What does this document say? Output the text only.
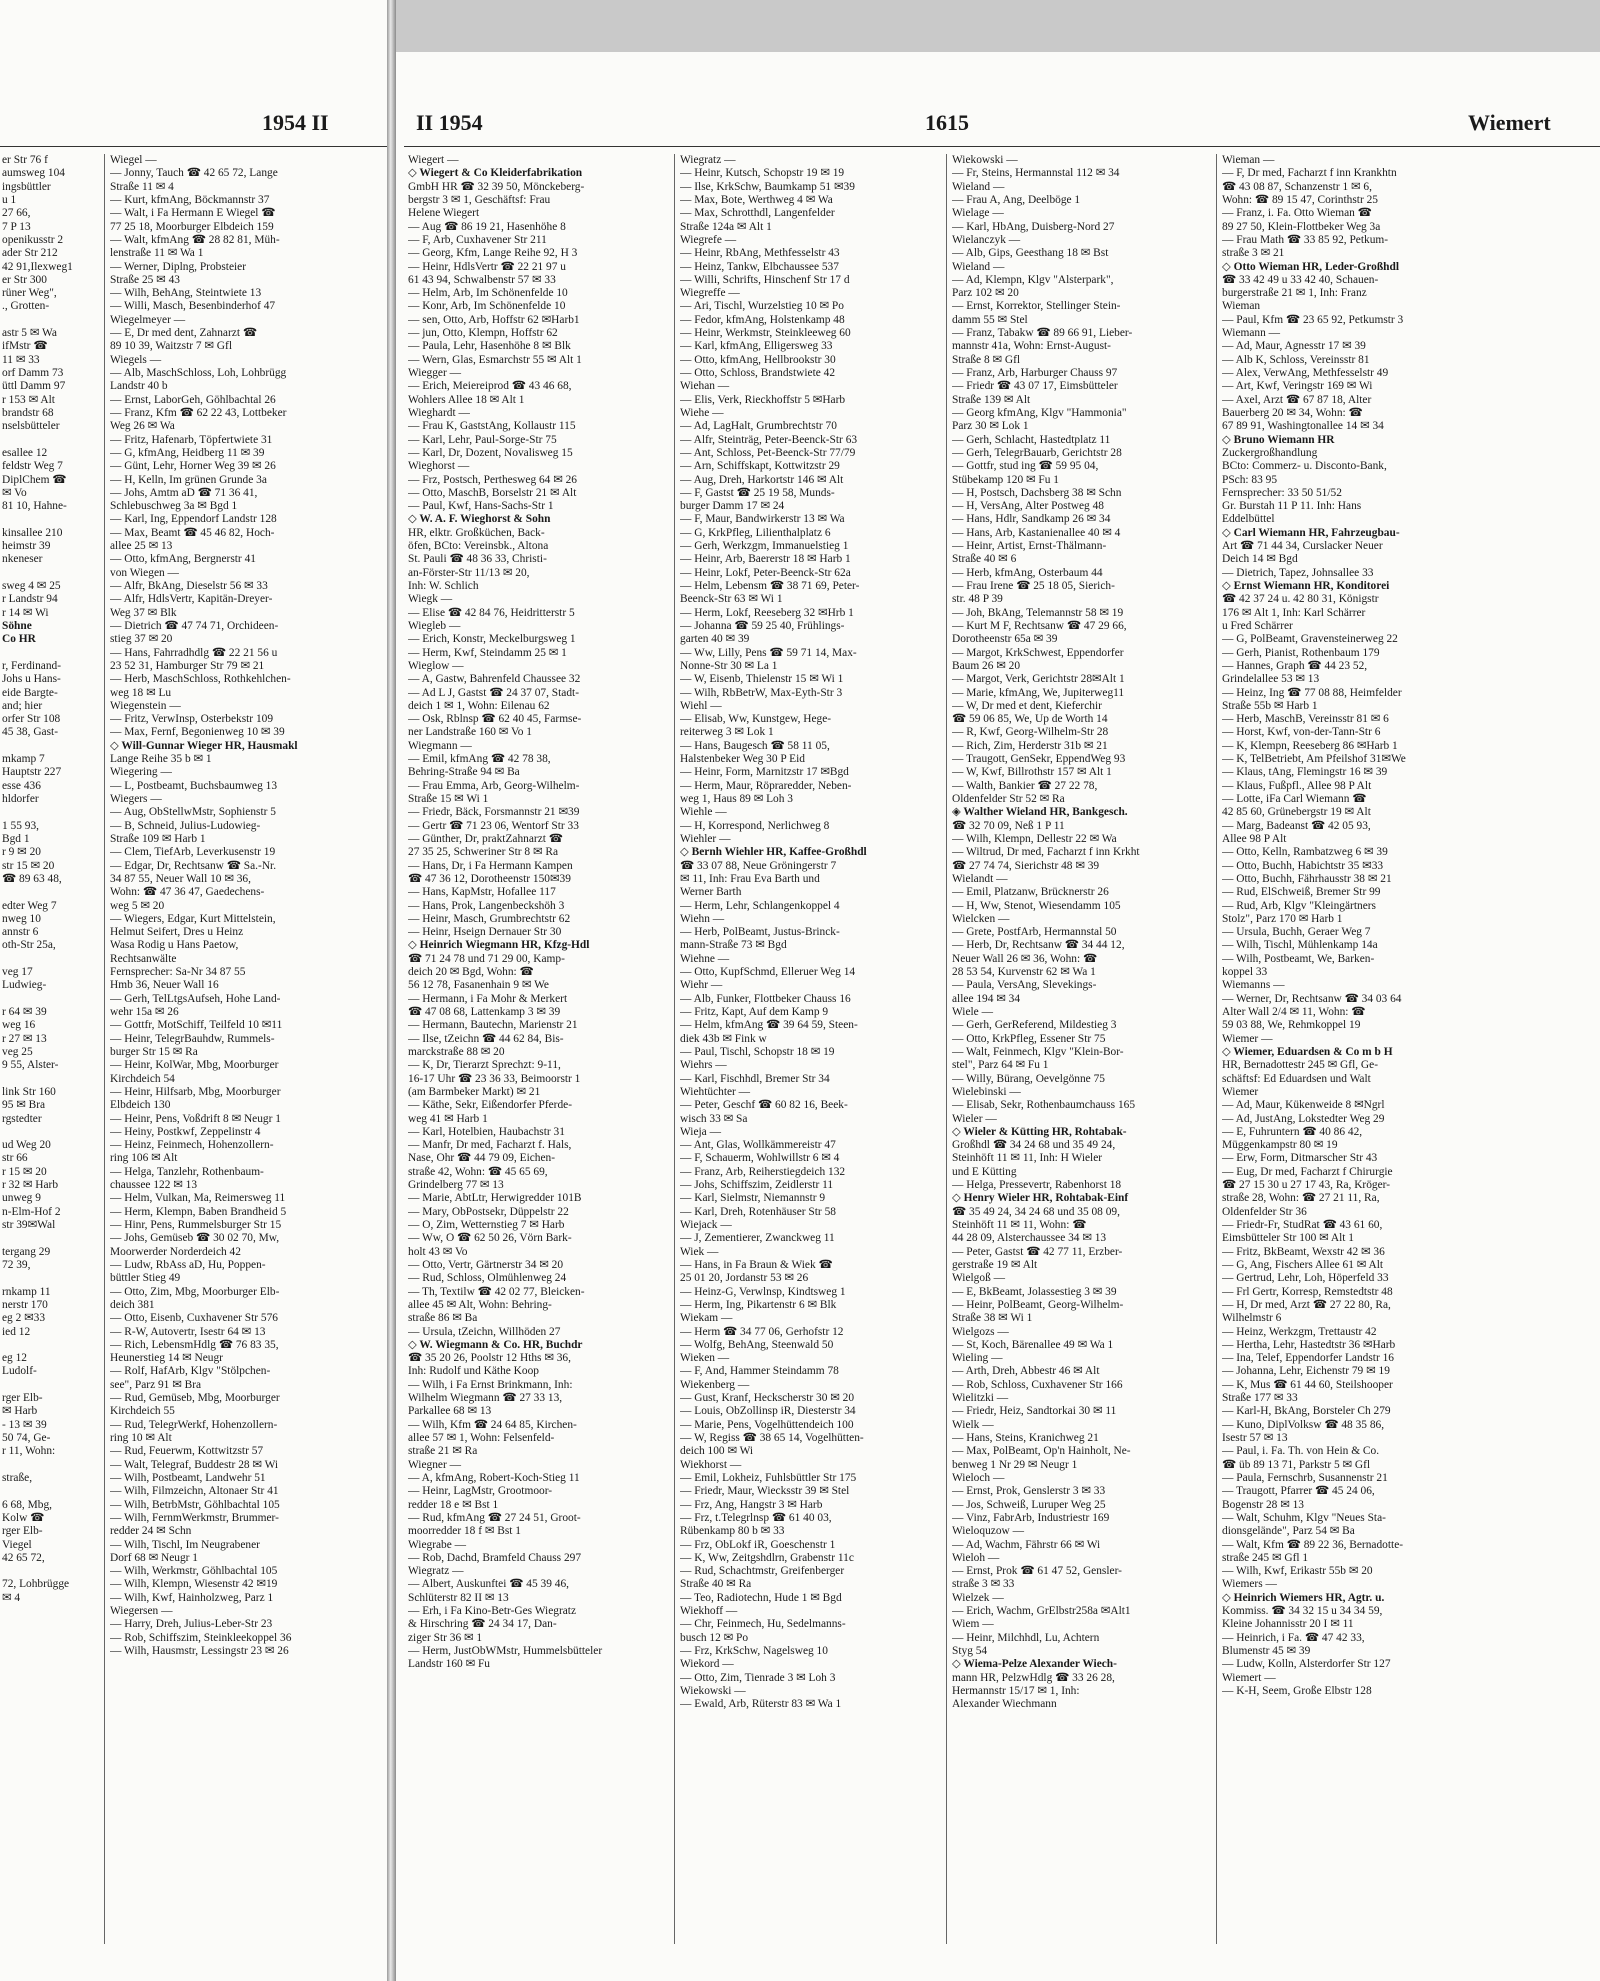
1954 II	II 1954	1615	Wiemert
er Str 76 f
aumsweg 104
ingsbüttler
u 1
27 66,
7 P 13
openikusstr 2
ader Str 212
42 91,Ilexweg1
er Str 300
rüner Weg",
., Grotten-

astr 5 ✉ Wa
ifMstr ☎
11 ✉ 33
orf Damm 73
üttl Damm 97
r 153 ✉ Alt
brandstr 68
nselsbütteler

esallee 12
feldstr Weg 7
DiplChem ☎
✉ Vo
81 10, Hahne-

kinsallee 210
heimstr 39
nkeneser

sweg 4 ✉ 25
r Landstr 94
r 14 ✉ Wi
Söhne
Co HR

r, Ferdinand-
Johs u Hans-
eide Bargte-
and; hier
orfer Str 108
45 38, Gast-

mkamp 7
Hauptstr 227
esse 436
hldorfer

1 55 93,
Bgd 1
r 9 ✉ 20
str 15 ✉ 20
☎ 89 63 48,

edter Weg 7
nweg 10
annstr 6
oth-Str 25a,

veg 17
Ludwieg-

r 64 ✉ 39
weg 16
r 27 ✉ 13
veg 25
9 55, Alster-

link Str 160
95 ✉ Bra
rgstedter

ud Weg 20
str 66
r 15 ✉ 20
r 32 ✉ Harb
unweg 9
n-Elm-Hof 2
str 39✉Wal

tergang 29
72 39,

rnkamp 11
nerstr 170
eg 2 ✉33
ied 12

eg 12
Ludolf-

rger Elb-
✉ Harb
- 13 ✉ 39
50 74, Ge-
r 11, Wohn:

straße,

6 68, Mbg,
Kolw ☎
rger Elb-
Viegel
42 65 72,

72, Lohbrügge
✉ 4
Wiegel —
— Jonny, Tauch ☎ 42 65 72, Lange
Straße 11 ✉ 4
— Kurt, kfmAng, Böckmannstr 37
— Walt, i Fa Hermann E Wiegel ☎
77 25 18, Moorburger Elbdeich 159
— Walt, kfmAng ☎ 28 82 81, Müh-
lenstraße 11 ✉ Wa 1
— Werner, Diplng, Probsteier
Straße 25 ✉ 43
— Wilh, BehAng, Steintwiete 13
— Willi, Masch, Besenbinderhof 47
Wiegelmeyer —
— E, Dr med dent, Zahnarzt ☎
89 10 39, Waitzstr 7 ✉ Gfl
Wiegels —
— Alb, MaschSchloss, Loh, Lohbrügg
Landstr 40 b
— Ernst, LaborGeh, Göhlbachtal 26
— Franz, Kfm ☎ 62 22 43, Lottbeker
Weg 26 ✉ Wa
— Fritz, Hafenarb, Töpfertwiete 31
— G, kfmAng, Heidberg 11 ✉ 39
— Günt, Lehr, Horner Weg 39 ✉ 26
— H, Kelln, Im grünen Grunde 3a
— Johs, Amtm aD ☎ 71 36 41,
Schlebuschweg 3a ✉ Bgd 1
— Karl, Ing, Eppendorf Landstr 128
— Max, Beamt ☎ 45 46 82, Hoch-
allee 25 ✉ 13
— Otto, kfmAng, Bergnerstr 41
von Wiegen —
— Alfr, BkAng, Dieselstr 56 ✉ 33
— Alfr, HdlsVertr, Kapitän-Dreyer-
Weg 37 ✉ Blk
— Dietrich ☎ 47 74 71, Orchideen-
stieg 37 ✉ 20
— Hans, Fahrradhdlg ☎ 22 21 56 u
23 52 31, Hamburger Str 79 ✉ 21
— Herb, MaschSchloss, Rothkehlchen-
weg 18 ✉ Lu
Wiegenstein —
— Fritz, VerwInsp, Osterbekstr 109
— Max, Fernf, Begonienweg 10 ✉ 39
◇ Will-Gunnar Wieger HR, Hausmakl
Lange Reihe 35 b ✉ 1
Wiegering —
— L, Postbeamt, Buchsbaumweg 13
Wiegers —
— Aug, ObStellwMstr, Sophienstr 5
— B, Schneid, Julius-Ludowieg-
Straße 109 ✉ Harb 1
— Clem, TiefArb, Leverkusenstr 19
— Edgar, Dr, Rechtsanw ☎ Sa.-Nr.
34 87 55, Neuer Wall 10 ✉ 36,
Wohn: ☎ 47 36 47, Gaedechens-
weg 5 ✉ 20
— Wiegers, Edgar, Kurt Mittelstein,
Helmut Seifert, Dres u Heinz
Wasa Rodig u Hans Paetow,
Rechtsanwälte
Fernsprecher: Sa-Nr 34 87 55
Hmb 36, Neuer Wall 16
— Gerh, TelLtgsAufseh, Hohe Land-
wehr 15a ✉ 26
— Gottfr, MotSchiff, Teilfeld 10 ✉11
— Heinr, TelegrBauhdw, Rummels-
burger Str 15 ✉ Ra
— Heinr, KolWar, Mbg, Moorburger
Kirchdeich 54
— Heinr, Hilfsarb, Mbg, Moorburger
Elbdeich 130
— Heinr, Pens, Voßdrift 8 ✉ Neugr 1
— Heiny, Postkwf, Zeppelinstr 4
— Heinz, Feinmech, Hohenzollern-
ring 106 ✉ Alt
— Helga, Tanzlehr, Rothenbaum-
chaussee 122 ✉ 13
— Helm, Vulkan, Ma, Reimersweg 11
— Herm, Klempn, Baben Brandheid 5
— Hinr, Pens, Rummelsburger Str 15
— Johs, Gemüseb ☎ 30 02 70, Mw,
Moorwerder Norderdeich 42
— Ludw, RbAss aD, Hu, Poppen-
büttler Stieg 49
— Otto, Zim, Mbg, Moorburger Elb-
deich 381
— Otto, Eisenb, Cuxhavener Str 576
— R-W, Autovertr, Isestr 64 ✉ 13
— Rich, LebensmHdlg ☎ 76 83 35,
Heunerstieg 14 ✉ Neugr
— Rolf, HafArb, Klgv "Stölpchen-
see", Parz 91 ✉ Bra
— Rud, Gemüseb, Mbg, Moorburger
Kirchdeich 55
— Rud, TelegrWerkf, Hohenzollern-
ring 10 ✉ Alt
— Rud, Feuerwm, Kottwitzstr 57
— Walt, Telegraf, Buddestr 28 ✉ Wi
— Wilh, Postbeamt, Landwehr 51
— Wilh, Filmzeichn, Altonaer Str 41
— Wilh, BetrbMstr, Göhlbachtal 105
— Wilh, FernmWerkmstr, Brummer-
redder 24 ✉ Schn
— Wilh, Tischl, Im Neugrabener
Dorf 68 ✉ Neugr 1
— Wilh, Werkmstr, Göhlbachtal 105
— Wilh, Klempn, Wiesenstr 42 ✉19
— Wilh, Kwf, Hainholzweg, Parz 1
Wiegersen —
— Harry, Dreh, Julius-Leber-Str 23
— Rob, Schiffszim, Steinkleekoppel 36
— Wilh, Hausmstr, Lessingstr 23 ✉ 26
Wiegert —
◇ Wiegert & Co Kleiderfabrikation
GmbH HR ☎ 32 39 50, Mönckeberg-
bergstr 3 ✉ 1, Geschäftsf: Frau
Helene Wiegert
— Aug ☎ 86 19 21, Hasenhöhe 8
— F, Arb, Cuxhavener Str 211
— Georg, Kfm, Lange Reihe 92, H 3
— Heinr, HdlsVertr ☎ 22 21 97 u
61 43 94, Schwalbenstr 57 ✉ 33
— Helm, Arb, Im Schönenfelde 10
— Konr, Arb, Im Schönenfelde 10
— sen, Otto, Arb, Hoffstr 62 ✉Harb1
— jun, Otto, Klempn, Hoffstr 62
— Paula, Lehr, Hasenhöhe 8 ✉ Blk
— Wern, Glas, Esmarchstr 55 ✉ Alt 1
Wiegger —
— Erich, Meiereiprod ☎ 43 46 68,
Wohlers Allee 18 ✉ Alt 1
Wieghardt —
— Frau K, GaststAng, Kollaustr 115
— Karl, Lehr, Paul-Sorge-Str 75
— Karl, Dr, Dozent, Novalisweg 15
Wieghorst —
— Frz, Postsch, Perthesweg 64 ✉ 26
— Otto, MaschB, Borselstr 21 ✉ Alt
— Paul, Kwf, Hans-Sachs-Str 1
◇ W. A. F. Wieghorst & Sohn
HR, elktr. Großküchen, Back-
öfen, BCto: Vereinsbk., Altona
St. Pauli ☎ 48 36 33, Christi-
an-Förster-Str 11/13 ✉ 20,
Inh: W. Schlich
Wiegk —
— Elise ☎ 42 84 76, Heidritterstr 5
Wiegleb —
— Erich, Konstr, Meckelburgsweg 1
— Herm, Kwf, Steindamm 25 ✉ 1
Wieglow —
— A, Gastw, Bahrenfeld Chaussee 32
— Ad L J, Gastst ☎ 24 37 07, Stadt-
deich 1 ✉ 1, Wohn: Eilenau 62
— Osk, Rblnsp ☎ 62 40 45, Farmse-
ner Landstraße 160 ✉ Vo 1
Wiegmann —
— Emil, kfmAng ☎ 42 78 38,
Behring-Straße 94 ✉ Ba
— Frau Emma, Arb, Georg-Wilhelm-
Straße 15 ✉ Wi 1
— Friedr, Bäck, Forsmannstr 21 ✉39
— Gertr ☎ 71 23 06, Wentorf Str 33
— Günther, Dr, praktZahnarzt ☎
27 35 25, Schweriner Str 8 ✉ Ra
— Hans, Dr, i Fa Hermann Kampen
☎ 47 36 12, Dorotheenstr 150✉39
— Hans, KapMstr, Hofallee 117
— Hans, Prok, Langenbeckshöh 3
— Heinr, Masch, Grumbrechtstr 62
— Heinr, Hseign Dernauer Str 30
◇ Heinrich Wiegmann HR, Kfzg-Hdl
☎ 71 24 78 und 71 29 00, Kamp-
deich 20 ✉ Bgd, Wohn: ☎
56 12 78, Fasanenhain 9 ✉ We
— Hermann, i Fa Mohr & Merkert
☎ 47 08 68, Lattenkamp 3 ✉ 39
— Hermann, Bautechn, Marienstr 21
— Ilse, tZeichn ☎ 44 62 84, Bis-
marckstraße 88 ✉ 20
— K, Dr, Tierarzt Sprechzt: 9-11,
16-17 Uhr ☎ 23 36 33, Beimoorstr 1
(am Barmbeker Markt) ✉ 21
— Käthe, Sekr, Eißendorfer Pferde-
weg 41 ✉ Harb 1
— Karl, Hotelbien, Haubachstr 31
— Manfr, Dr med, Facharzt f. Hals,
Nase, Ohr ☎ 44 79 09, Eichen-
straße 42, Wohn: ☎ 45 65 69,
Grindelberg 77 ✉ 13
— Marie, AbtLtr, Herwigredder 101B
— Mary, ObPostsekr, Düppelstr 22
— O, Zim, Wetternstieg 7 ✉ Harb
— Ww, O ☎ 62 50 26, Vörn Bark-
holt 43 ✉ Vo
— Otto, Vertr, Gärtnerstr 34 ✉ 20
— Rud, Schloss, Olmühlenweg 24
— Th, Textilw ☎ 42 02 77, Bleicken-
allee 45 ✉ Alt, Wohn: Behring-
straße 86 ✉ Ba
— Ursula, tZeichn, Willhöden 27
◇ W. Wiegmann & Co. HR, Buchdr
☎ 35 20 26, Poolstr 12 Hths ✉ 36,
Inh: Rudolf und Käthe Koop
— Wilh, i Fa Ernst Brinkmann, Inh:
Wilhelm Wiegmann ☎ 27 33 13,
Parkallee 68 ✉ 13
— Wilh, Kfm ☎ 24 64 85, Kirchen-
allee 57 ✉ 1, Wohn: Felsenfeld-
straße 21 ✉ Ra
Wiegner —
— A, kfmAng, Robert-Koch-Stieg 11
— Heinr, LagMstr, Grootmoor-
redder 18 e ✉ Bst 1
— Rud, kfmAng ☎ 27 24 51, Groot-
moorredder 18 f ✉ Bst 1
Wiegrabe —
— Rob, Dachd, Bramfeld Chauss 297
Wiegratz —
— Albert, Auskunftei ☎ 45 39 46,
Schlüterstr 82 II ✉ 13
— Erh, i Fa Kino-Betr-Ges Wiegratz
& Hirschring ☎ 24 34 17, Dan-
ziger Str 36 ✉ 1
— Herm, JustObWMstr, Hummelsbütteler
Landstr 160 ✉ Fu
Wiegratz —
— Heinr, Kutsch, Schopstr 19 ✉ 19
— Ilse, KrkSchw, Baumkamp 51 ✉39
— Max, Bote, Werthweg 4 ✉ Wa
— Max, Schrotthdl, Langenfelder
Straße 124a ✉ Alt 1
Wiegrefe —
— Heinr, RbAng, Methfesselstr 43
— Heinz, Tankw, Elbchaussee 537
— Willi, Schrifts, Hinschenf Str 17 d
Wiegreffe —
— Ari, Tischl, Wurzelstieg 10 ✉ Po
— Fedor, kfmAng, Holstenkamp 48
— Heinr, Werkmstr, Steinkleeweg 60
— Karl, kfmAng, Elligersweg 33
— Otto, kfmAng, Hellbrookstr 30
— Otto, Schloss, Brandstwiete 42
Wiehan —
— Elis, Verk, Rieckhoffstr 5 ✉Harb
Wiehe —
— Ad, LagHalt, Grumbrechtstr 70
— Alfr, Steinträg, Peter-Beenck-Str 63
— Ant, Schloss, Pet-Beenck-Str 77/79
— Arn, Schiffskapt, Kottwitzstr 29
— Aug, Dreh, Harkortstr 146 ✉ Alt
— F, Gastst ☎ 25 19 58, Munds-
burger Damm 17 ✉ 24
— F, Maur, Bandwirkerstr 13 ✉ Wa
— G, KrkPfleg, Lilienthalplatz 6
— Gerh, Werkzgm, Immanuelstieg 1
— Heinr, Arb, Baererstr 18 ✉ Harb 1
— Heinr, Lokf, Peter-Beenck-Str 62a
— Helm, Lebensm ☎ 38 71 69, Peter-
Beenck-Str 63 ✉ Wi 1
— Herm, Lokf, Reeseberg 32 ✉Hrb 1
— Johanna ☎ 59 25 40, Frühlings-
garten 40 ✉ 39
— Ww, Lilly, Pens ☎ 59 71 14, Max-
Nonne-Str 30 ✉ La 1
— W, Eisenb, Thielenstr 15 ✉ Wi 1
— Wilh, RbBetrW, Max-Eyth-Str 3
Wiehl —
— Elisab, Ww, Kunstgew, Hege-
reiterweg 3 ✉ Lok 1
— Hans, Baugesch ☎ 58 11 05,
Halstenbeker Weg 30 P Eid
— Heinr, Form, Marnitzstr 17 ✉Bgd
— Herm, Maur, Röpraredder, Neben-
weg 1, Haus 89 ✉ Loh 3
Wiehle —
— H, Korrespond, Nerlichweg 8
Wiehler —
◇ Bernh Wiehler HR, Kaffee-Großhdl
☎ 33 07 88, Neue Gröningerstr 7
✉ 11, Inh: Frau Eva Barth und
Werner Barth
— Herm, Lehr, Schlangenkoppel 4
Wiehn —
— Herb, PolBeamt, Justus-Brinck-
mann-Straße 73 ✉ Bgd
Wiehne —
— Otto, KupfSchmd, Elleruer Weg 14
Wiehr —
— Alb, Funker, Flottbeker Chauss 16
— Fritz, Kapt, Auf dem Kamp 9
— Helm, kfmAng ☎ 39 64 59, Steen-
diek 43b ✉ Fink w
— Paul, Tischl, Schopstr 18 ✉ 19
Wiehrs —
— Karl, Fischhdl, Bremer Str 34
Wiehtüchter —
— Peter, Geschf ☎ 60 82 16, Beek-
wisch 33 ✉ Sa
Wieja —
— Ant, Glas, Wollkämmereistr 47
— F, Schauerm, Wohlwillstr 6 ✉ 4
— Franz, Arb, Reiherstiegdeich 132
— Johs, Schiffszim, Zeidlerstr 11
— Karl, Sielmstr, Niemannstr 9
— Karl, Dreh, Rotenhäuser Str 58
Wiejack —
— J, Zementierer, Zwanckweg 11
Wiek —
— Hans, in Fa Braun & Wiek ☎
25 01 20, Jordanstr 53 ✉ 26
— Heinz-G, Verwlnsp, Kindtsweg 1
— Herm, Ing, Pikartenstr 6 ✉ Blk
Wiekam —
— Herm ☎ 34 77 06, Gerhofstr 12
— Wolfg, BehAng, Steenwald 50
Wieken —
— F, And, Hammer Steindamm 78
Wiekenberg —
— Gust, Kranf, Heckscherstr 30 ✉ 20
— Louis, ObZollinsp iR, Diesterstr 34
— Marie, Pens, Vogelhüttendeich 100
— W, Regiss ☎ 38 65 14, Vogelhütten-
deich 100 ✉ Wi
Wiekhorst —
— Emil, Lokheiz, Fuhlsbüttler Str 175
— Friedr, Maur, Wiecksstr 39 ✉ Stel
— Frz, Ang, Hangstr 3 ✉ Harb
— Frz, t.Telegrlnsp ☎ 61 40 03,
Rübenkamp 80 b ✉ 33
— Frz, ObLokf iR, Goeschenstr 1
— K, Ww, Zeitgshdlrn, Grabenstr 11c
— Rud, Schachtmstr, Greifenberger
Straße 40 ✉ Ra
— Teo, Radiotechn, Hude 1 ✉ Bgd
Wiekhoff —
— Chr, Feinmech, Hu, Sedelmanns-
busch 12 ✉ Po
— Frz, KrkSchw, Nagelsweg 10
Wiekord —
— Otto, Zim, Tienrade 3 ✉ Loh 3
Wiekowski —
— Ewald, Arb, Rüterstr 83 ✉ Wa 1
Wiekowski —
— Fr, Steins, Hermannstal 112 ✉ 34
Wieland —
— Frau A, Ang, Deelböge 1
Wielage —
— Karl, HbAng, Duisberg-Nord 27
Wielanczyk —
— Alb, Gips, Geesthang 18 ✉ Bst
Wieland —
— Ad, Klempn, Klgv "Alsterpark",
Parz 102 ✉ 20
— Ernst, Korrektor, Stellinger Stein-
damm 55 ✉ Stel
— Franz, Tabakw ☎ 89 66 91, Lieber-
mannstr 41a, Wohn: Ernst-August-
Straße 8 ✉ Gfl
— Franz, Arb, Harburger Chauss 97
— Friedr ☎ 43 07 17, Eimsbütteler
Straße 139 ✉ Alt
— Georg kfmAng, Klgv "Hammonia"
Parz 30 ✉ Lok 1
— Gerh, Schlacht, Hastedtplatz 11
— Gerh, TelegrBauarb, Gerichtstr 28
— Gottfr, stud ing ☎ 59 95 04,
Stübekamp 120 ✉ Fu 1
— H, Postsch, Dachsberg 38 ✉ Schn
— H, VersAng, Alter Postweg 48
— Hans, Hdlr, Sandkamp 26 ✉ 34
— Hans, Arb, Kastanienallee 40 ✉ 4
— Heinr, Artist, Ernst-Thälmann-
Straße 40 ✉ 6
— Herb, kfmAng, Osterbaum 44
— Frau Irene ☎ 25 18 05, Sierich-
str. 48 P 39
— Joh, BkAng, Telemannstr 58 ✉ 19
— Kurt M F, Rechtsanw ☎ 47 29 66,
Dorotheenstr 65a ✉ 39
— Margot, KrkSchwest, Eppendorfer
Baum 26 ✉ 20
— Margot, Verk, Gerichtstr 28✉Alt 1
— Marie, kfmAng, We, Jupiterweg11
— W, Dr med et dent, Kieferchir
☎ 59 06 85, We, Up de Worth 14
— R, Kwf, Georg-Wilhelm-Str 28
— Rich, Zim, Herderstr 31b ✉ 21
— Traugott, GenSekr, EppendWeg 93
— W, Kwf, Billrothstr 157 ✉ Alt 1
— Walth, Bankier ☎ 27 22 78,
Oldenfelder Str 52 ✉ Ra
◈ Walther Wieland HR, Bankgesch.
☎ 32 70 09, Neß 1 P 11
— Wilh, Klempn, Dellestr 22 ✉ Wa
— Wiltrud, Dr med, Facharzt f inn Krkht
☎ 27 74 74, Sierichstr 48 ✉ 39
Wielandt —
— Emil, Platzanw, Brücknerstr 26
— H, Ww, Stenot, Wiesendamm 105
Wielcken —
— Grete, PostfArb, Hermannstal 50
— Herb, Dr, Rechtsanw ☎ 34 44 12,
Neuer Wall 26 ✉ 36, Wohn: ☎
28 53 54, Kurvenstr 62 ✉ Wa 1
— Paula, VersAng, Slevekings-
allee 194 ✉ 34
Wiele —
— Gerh, GerReferend, Mildestieg 3
— Otto, KrkPfleg, Essener Str 75
— Walt, Feinmech, Klgv "Klein-Bor-
stel", Parz 64 ✉ Fu 1
— Willy, Bürang, Oevelgönne 75
Wielebinski —
— Elisab, Sekr, Rothenbaumchauss 165
Wieler —
◇ Wieler & Kütting HR, Rohtabak-
Großhdl ☎ 34 24 68 und 35 49 24,
Steinhöft 11 ✉ 11, Inh: H Wieler
und E Kütting
— Helga, Pressevertr, Rabenhorst 18
◇ Henry Wieler HR, Rohtabak-Einf
☎ 35 49 24, 34 24 68 und 35 08 09,
Steinhöft 11 ✉ 11, Wohn: ☎
44 28 09, Alsterchaussee 34 ✉ 13
— Peter, Gastst ☎ 42 77 11, Erzber-
gerstraße 19 ✉ Alt
Wielgoß —
— E, BkBeamt, Jolassestieg 3 ✉ 39
— Heinr, PolBeamt, Georg-Wilhelm-
Straße 38 ✉ Wi 1
Wielgozs —
— St, Koch, Bärenallee 49 ✉ Wa 1
Wieling —
— Arth, Dreh, Abbestr 46 ✉ Alt
— Rob, Schloss, Cuxhavener Str 166
Wielitzki —
— Friedr, Heiz, Sandtorkai 30 ✉ 11
Wielk —
— Hans, Steins, Kranichweg 21
— Max, PolBeamt, Op'n Hainholt, Ne-
benweg 1 Nr 29 ✉ Neugr 1
Wieloch —
— Ernst, Prok, Genslerstr 3 ✉ 33
— Jos, Schweiß, Luruper Weg 25
— Vinz, FabrArb, Industriestr 169
Wieloquzow —
— Ad, Wachm, Fährstr 66 ✉ Wi
Wieloh —
— Ernst, Prok ☎ 61 47 52, Gensler-
straße 3 ✉ 33
Wielzek —
— Erich, Wachm, GrElbstr258a ✉Alt1
Wiem —
— Heinr, Milchhdl, Lu, Achtern
Styg 54
◇ Wiema-Pelze Alexander Wiech-
mann HR, PelzwHdlg ☎ 33 26 28,
Hermannstr 15/17 ✉ 1, Inh:
Alexander Wiechmann
Wieman —
— F, Dr med, Facharzt f inn Krankhtn
☎ 43 08 87, Schanzenstr 1 ✉ 6,
Wohn: ☎ 89 15 47, Corinthstr 25
— Franz, i. Fa. Otto Wieman ☎
89 27 50, Klein-Flottbeker Weg 3a
— Frau Math ☎ 33 85 92, Petkum-
straße 3 ✉ 21
◇ Otto Wieman HR, Leder-Großhdl
☎ 33 42 49 u 33 42 40, Schauen-
burgerstraße 21 ✉ 1, Inh: Franz
Wieman
— Paul, Kfm ☎ 23 65 92, Petkumstr 3
Wiemann —
— Ad, Maur, Agnesstr 17 ✉ 39
— Alb K, Schloss, Vereinsstr 81
— Alex, VerwAng, Methfesselstr 49
— Art, Kwf, Veringstr 169 ✉ Wi
— Axel, Arzt ☎ 67 87 18, Alter
Bauerberg 20 ✉ 34, Wohn: ☎
67 89 91, Washingtonallee 14 ✉ 34
◇ Bruno Wiemann HR
Zuckergroßhandlung
BCto: Commerz- u. Disconto-Bank,
PSch: 83 95
Fernsprecher: 33 50 51/52
Gr. Burstah 11 P 11. Inh: Hans
Eddelbüttel
◇ Carl Wiemann HR, Fahrzeugbau-
Art ☎ 71 44 34, Curslacker Neuer
Deich 14 ✉ Bgd
— Dietrich, Tapez, Johnsallee 33
◇ Ernst Wiemann HR, Konditorei
☎ 42 37 24 u. 42 80 31, Königstr
176 ✉ Alt 1, Inh: Karl Schärrer
u Fred Schärrer
— G, PolBeamt, Gravensteinerweg 22
— Gerh, Pianist, Rothenbaum 179
— Hannes, Graph ☎ 44 23 52,
Grindelallee 53 ✉ 13
— Heinz, Ing ☎ 77 08 88, Heimfelder
Straße 55b ✉ Harb 1
— Herb, MaschB, Vereinsstr 81 ✉ 6
— Horst, Kwf, von-der-Tann-Str 6
— K, Klempn, Reeseberg 86 ✉Harb 1
— K, TelBetriebt, Am Pfeilshof 31✉We
— Klaus, tAng, Flemingstr 16 ✉ 39
— Klaus, Fußpfl., Allee 98 P Alt
— Lotte, iFa Carl Wiemann ☎
42 85 60, Grünebergstr 19 ✉ Alt
— Marg, Badeanst ☎ 42 05 93,
Allee 98 P Alt
— Otto, Kelln, Rambatzweg 6 ✉ 39
— Otto, Buchh, Habichtstr 35 ✉33
— Otto, Buchh, Fährhausstr 38 ✉ 21
— Rud, ElSchweiß, Bremer Str 99
— Rud, Arb, Klgv "Kleingärtners
Stolz", Parz 170 ✉ Harb 1
— Ursula, Buchh, Geraer Weg 7
— Wilh, Tischl, Mühlenkamp 14a
— Wilh, Postbeamt, We, Barken-
koppel 33
Wiemanns —
— Werner, Dr, Rechtsanw ☎ 34 03 64
Alter Wall 2/4 ✉ 11, Wohn: ☎
59 03 88, We, Rehmkoppel 19
Wiemer —
◇ Wiemer, Eduardsen & Co m b H
HR, Bernadottestr 245 ✉ Gfl, Ge-
schäftsf: Ed Eduardsen und Walt
Wiemer
— Ad, Maur, Kükenweide 8 ✉Ngrl
— Ad, JustAng, Lokstedter Weg 29
— E, Fuhruntern ☎ 40 86 42,
Müggenkampstr 80 ✉ 19
— Erw, Form, Ditmarscher Str 43
— Eug, Dr med, Facharzt f Chirurgie
☎ 27 15 30 u 27 17 43, Ra, Kröger-
straße 28, Wohn: ☎ 27 21 11, Ra,
Oldenfelder Str 36
— Friedr-Fr, StudRat ☎ 43 61 60,
Eimsbütteler Str 100 ✉ Alt 1
— Fritz, BkBeamt, Wexstr 42 ✉ 36
— G, Ang, Fischers Allee 61 ✉ Alt
— Gertrud, Lehr, Loh, Höperfeld 33
— Frl Gertr, Korresp, Remstedtstr 48
— H, Dr med, Arzt ☎ 27 22 80, Ra,
Wilhelmstr 6
— Heinz, Werkzgm, Trettaustr 42
— Hertha, Lehr, Hastedtstr 36 ✉Harb
— Ina, Telef, Eppendorfer Landstr 16
— Johanna, Lehr, Eichenstr 79 ✉ 19
— K, Mus ☎ 61 44 60, Steilshooper
Straße 177 ✉ 33
— Karl-H, BkAng, Borsteler Ch 279
— Kuno, DiplVolksw ☎ 48 35 86,
Isestr 57 ✉ 13
— Paul, i. Fa. Th. von Hein & Co.
☎ üb 89 13 71, Parkstr 5 ✉ Gfl
— Paula, Fernschrb, Susannenstr 21
— Traugott, Pfarrer ☎ 45 24 06,
Bogenstr 28 ✉ 13
— Walt, Schuhm, Klgv "Neues Sta-
dionsgelände", Parz 54 ✉ Ba
— Walt, Kfm ☎ 89 22 36, Bernadotte-
straße 245 ✉ Gfl 1
— Wilh, Kwf, Erikastr 55b ✉ 20
Wiemers —
◇ Heinrich Wiemers HR, Agtr. u.
Kommiss. ☎ 34 32 15 u 34 34 59,
Kleine Johannisstr 20 I ✉ 11
— Heinrich, i Fa. ☎ 47 42 33,
Blumenstr 45 ✉ 39
— Ludw, Kolln, Alsterdorfer Str 127
Wiemert —
— K-H, Seem, Große Elbstr 128
